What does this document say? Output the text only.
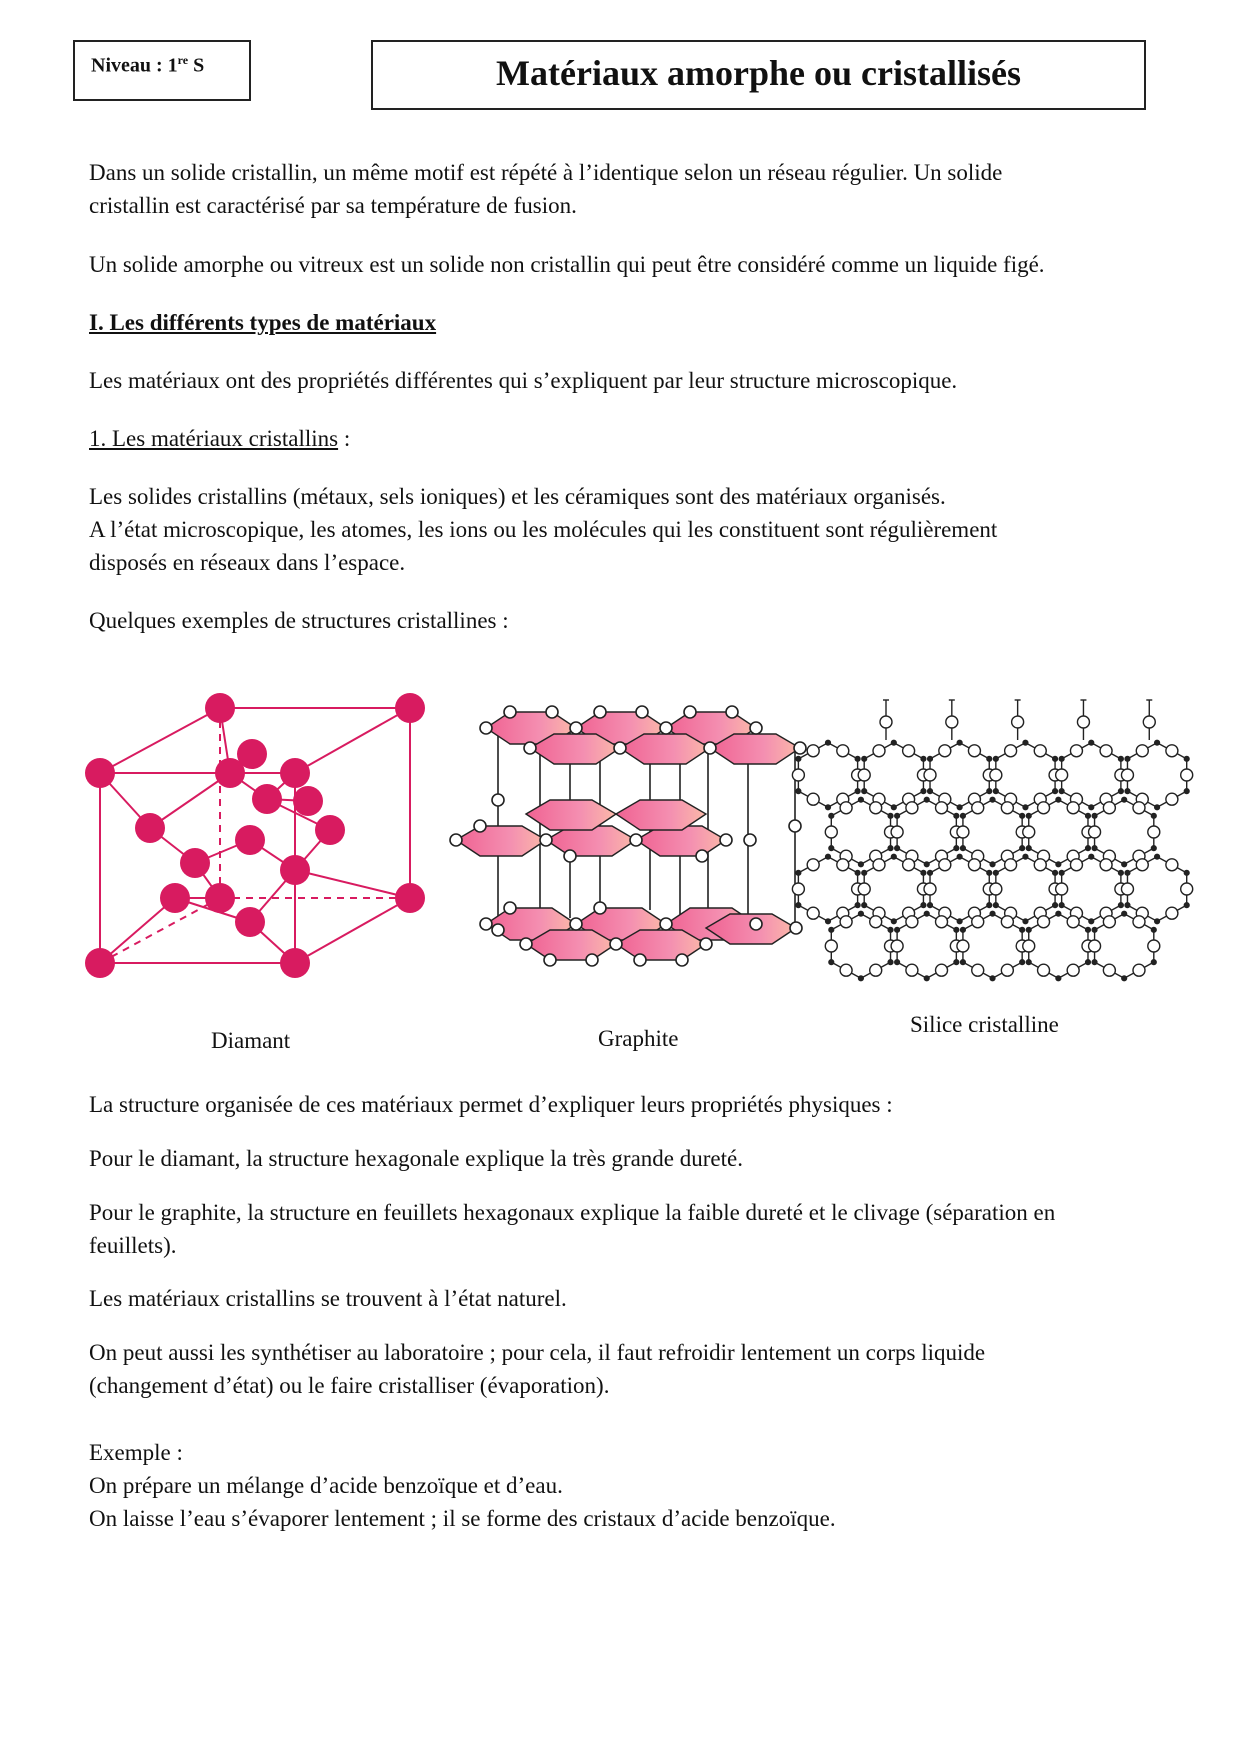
Niveau : 1re S	Matériaux amorphe ou cristallisés

Dans un solide cristallin, un même motif est répété à l’identique selon un réseau régulier. Un solide
cristallin est caractérisé par sa température de fusion.

Un solide amorphe ou vitreux est un solide non cristallin qui peut être considéré comme un liquide figé.

I. Les différents types de matériaux

Les matériaux ont des propriétés différentes qui s’expliquent par leur structure microscopique.

1. Les matériaux cristallins :

Les solides cristallins (métaux, sels ioniques) et les céramiques sont des matériaux organisés.
A l’état microscopique, les atomes, les ions ou les molécules qui les constituent sont régulièrement
disposés en réseaux dans l’espace.

Quelques exemples de structures cristallines :

Diamant	Graphite
Silice cristalline

La structure organisée de ces matériaux permet d’expliquer leurs propriétés physiques :

Pour le diamant, la structure hexagonale explique la très grande dureté.

Pour le graphite, la structure en feuillets hexagonaux explique la faible dureté et le clivage (séparation en
feuillets).

Les matériaux cristallins se trouvent à l’état naturel.

On peut aussi les synthétiser au laboratoire ; pour cela, il faut refroidir lentement un corps liquide
(changement d’état) ou le faire cristalliser (évaporation).

Exemple :
On prépare un mélange d’acide benzoïque et d’eau.
On laisse l’eau s’évaporer lentement ; il se forme des cristaux d’acide benzoïque.
